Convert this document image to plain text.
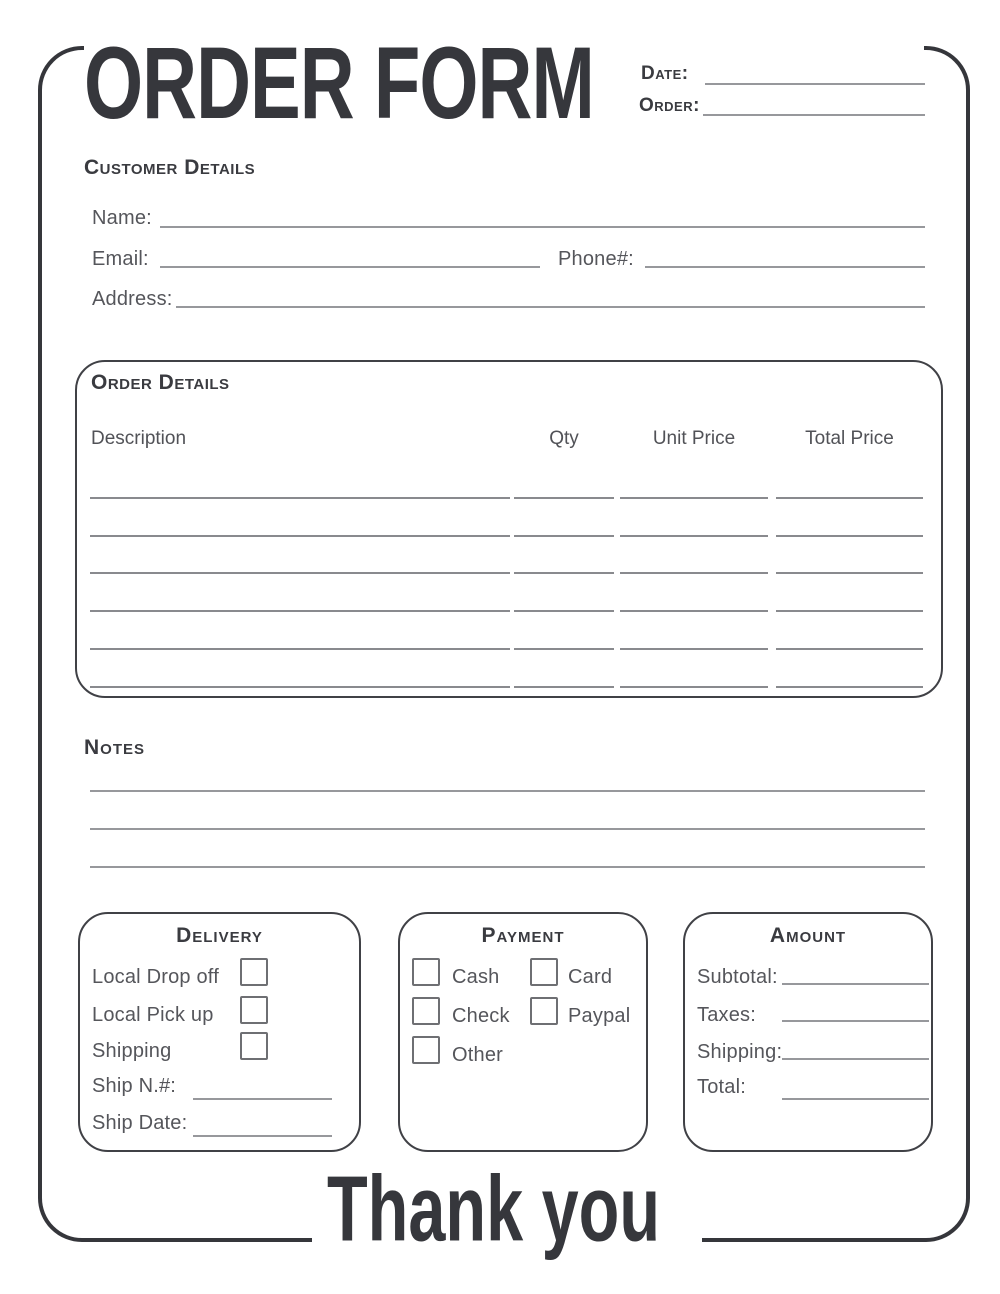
ORDER FORM Date:
Order:
Customer Details
Name:
Email:	Phone#:
Address:
Order Details
Description	Qty	Unit Price	Total Price
Notes
Delivery
Local Drop off
Local Pick up
Shipping
Ship N.#:
Ship Date:
Payment
Cash	Card
Check	Paypal
Other
Amount
Subtotal:
Taxes:
Shipping:
Total:
Thank you
